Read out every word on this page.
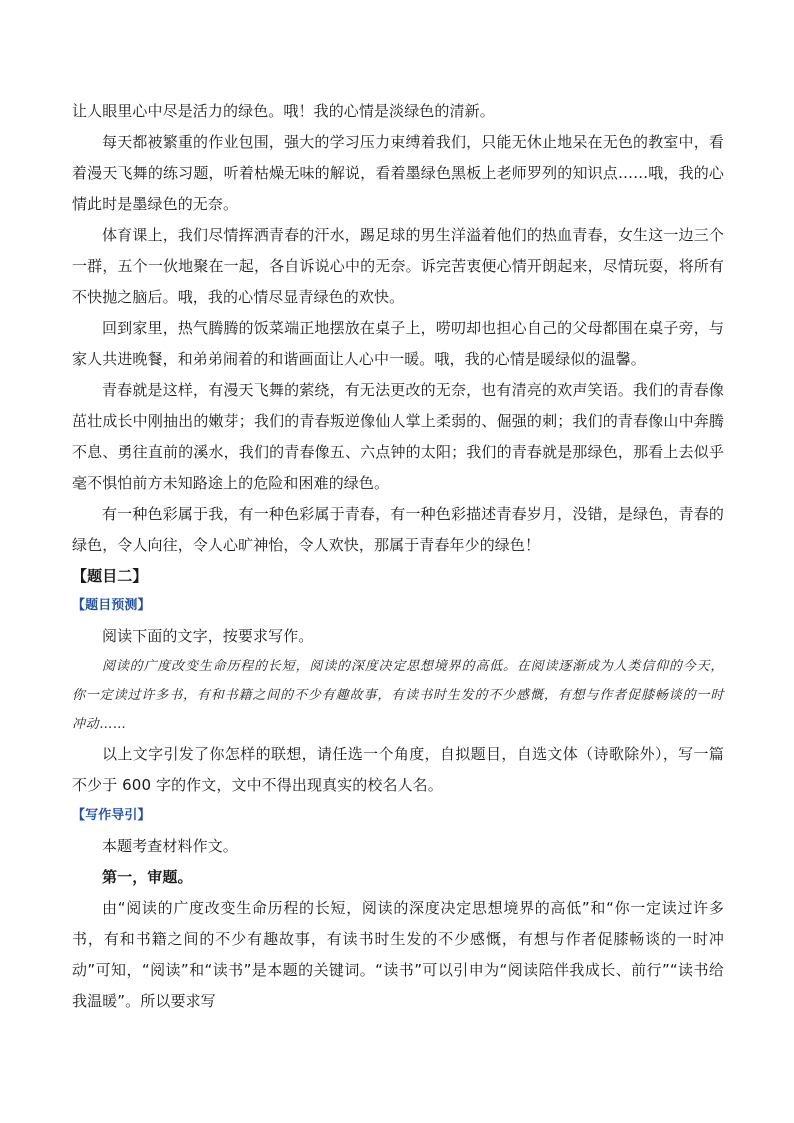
让人眼里心中尽是活力的绿色。哦！我的心情是淡绿色的清新。

每天都被繁重的作业包围，强大的学习压力束缚着我们，只能无休止地呆在无色的教室中，看着漫天飞舞的练习题，听着枯燥无味的解说，看着墨绿色黑板上老师罗列的知识点……哦，我的心情此时是墨绿色的无奈。

体育课上，我们尽情挥洒青春的汗水，踢足球的男生洋溢着他们的热血青春，女生这一边三个一群，五个一伙地聚在一起，各自诉说心中的无奈。诉完苦衷便心情开朗起来，尽情玩耍，将所有不快抛之脑后。哦，我的心情尽显青绿色的欢快。

回到家里，热气腾腾的饭菜端正地摆放在桌子上，唠叨却也担心自己的父母都围在桌子旁，与家人共进晚餐，和弟弟闹着的和谐画面让人心中一暖。哦，我的心情是暖绿似的温馨。

青春就是这样，有漫天飞舞的萦绕，有无法更改的无奈，也有清亮的欢声笑语。我们的青春像茁壮成长中刚抽出的嫩芽；我们的青春叛逆像仙人掌上柔弱的、倔强的刺；我们的青春像山中奔腾不息、勇往直前的溪水，我们的青春像五、六点钟的太阳；我们的青春就是那绿色，那看上去似乎毫不惧怕前方未知路途上的危险和困难的绿色。

有一种色彩属于我，有一种色彩属于青春，有一种色彩描述青春岁月，没错，是绿色，青春的绿色，令人向往，令人心旷神怡，令人欢快，那属于青春年少的绿色！

【题目二】

【题目预测】

阅读下面的文字，按要求写作。

阅读的广度改变生命历程的长短，阅读的深度决定思想境界的高低。在阅读逐渐成为人类信仰的今天，你一定读过许多书，有和书籍之间的不少有趣故事，有读书时生发的不少感慨，有想与作者促膝畅谈的一时冲动……

以上文字引发了你怎样的联想，请任选一个角度，自拟题目，自选文体（诗歌除外），写一篇不少于 600 字的作文，文中不得出现真实的校名人名。

【写作导引】

本题考查材料作文。

第一，审题。

由“阅读的广度改变生命历程的长短，阅读的深度决定思想境界的高低”和“你一定读过许多书，有和书籍之间的不少有趣故事，有读书时生发的不少感慨，有想与作者促膝畅谈的一时冲动”可知，“阅读”和“读书”是本题的关键词。“读书”可以引申为“阅读陪伴我成长、前行”“读书给我温暖”。所以要求写
